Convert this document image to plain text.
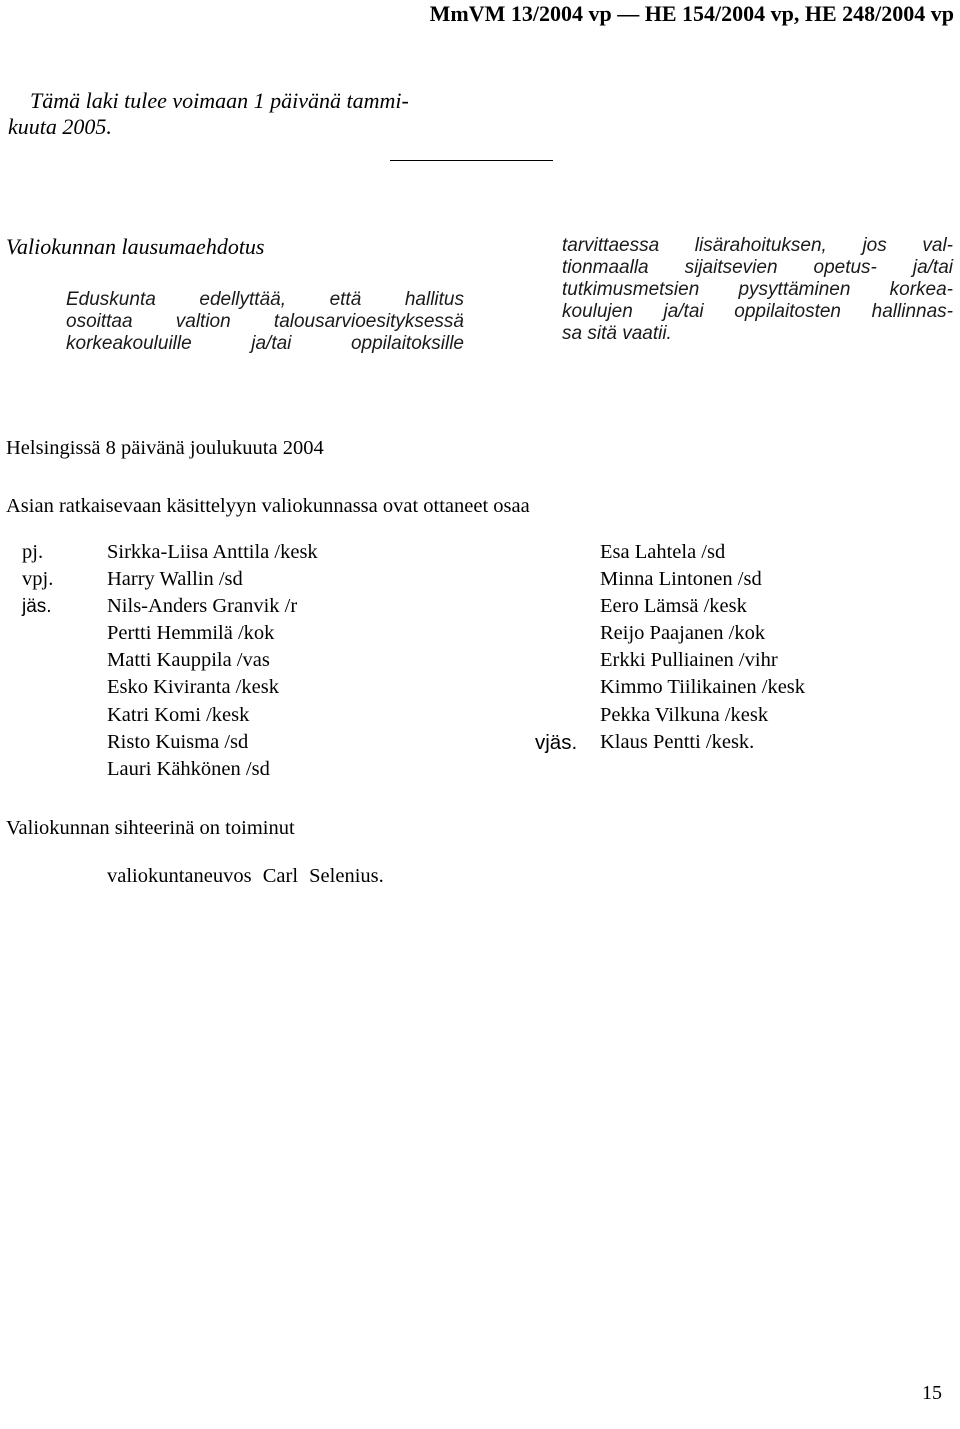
MmVM 13/2004 vp — HE 154/2004 vp, HE 248/2004 vp
Tämä laki tulee voimaan 1 päivänä tammi-
kuuta 2005.
Valiokunnan lausumaehdotus
Eduskunta edellyttää, että hallitus
osoittaa valtion talousarvioesityksessä
korkeakouluille ja/tai oppilaitoksille
tarvittaessa lisärahoituksen, jos val-
tionmaalla sijaitsevien opetus- ja/tai
tutkimusmetsien pysyttäminen korkea-
koulujen ja/tai oppilaitosten hallinnas-
sa sitä vaatii.
Helsingissä 8 päivänä joulukuuta 2004
Asian ratkaisevaan käsittelyyn valiokunnassa ovat ottaneet osaa
pj.
vpj.
jäs.
Sirkka-Liisa Anttila /kesk
Harry Wallin /sd
Nils-Anders Granvik /r
Pertti Hemmilä /kok
Matti Kauppila /vas
Esko Kiviranta /kesk
Katri Komi /kesk
Risto Kuisma /sd
Lauri Kähkönen /sd
vjäs.
Esa Lahtela /sd
Minna Lintonen /sd
Eero Lämsä /kesk
Reijo Paajanen /kok
Erkki Pulliainen /vihr
Kimmo Tiilikainen /kesk
Pekka Vilkuna /kesk
Klaus Pentti /kesk.
Valiokunnan sihteerinä on toiminut
valiokuntaneuvos Carl Selenius.
15
